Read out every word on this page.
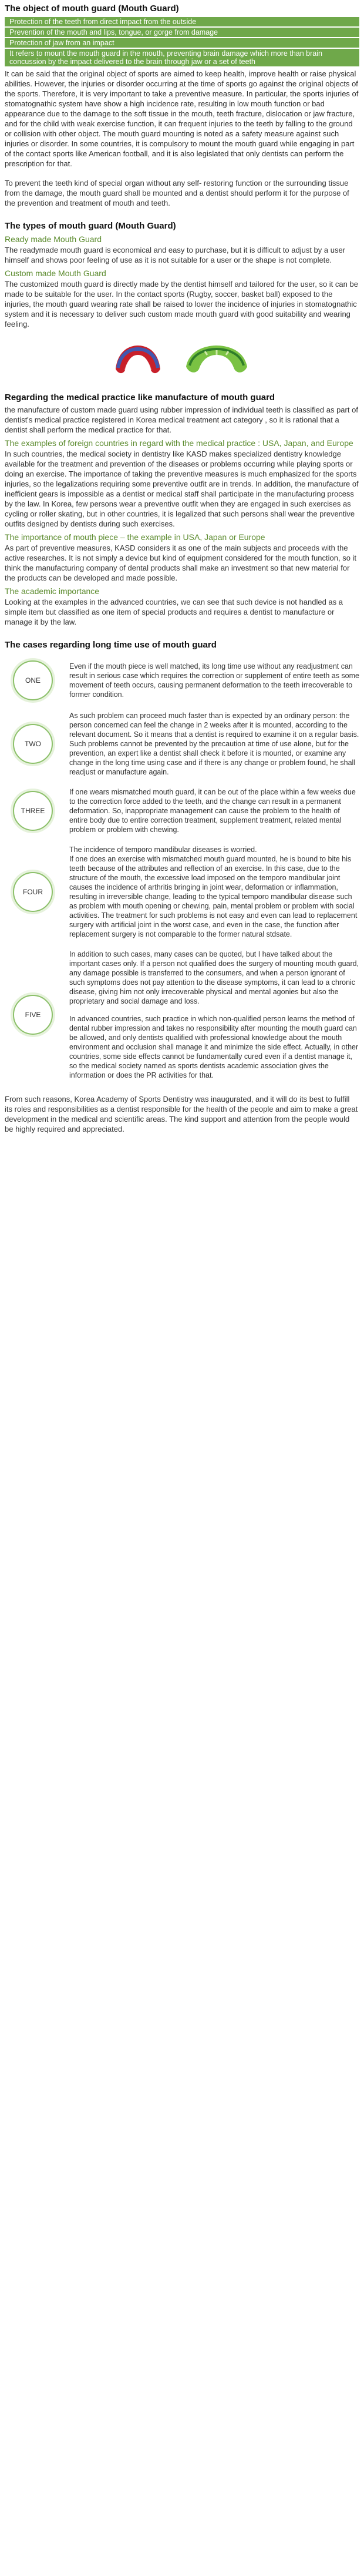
The object of mouth guard (Mouth Guard)
Protection of the teeth from direct impact from the outside
Prevention of the mouth and lips, tongue, or gorge from damage
Protection of jaw from an impact
It refers to mount the mouth guard in the mouth, preventing brain damage which more than brain concussion by the impact delivered to the brain through jaw or a set of teeth

It can be said that the original object of sports are aimed to keep health, improve health or raise physical abilities. However, the injuries or disorder occurring at the time of sports go against the original objects of the sports. Therefore, it is very important to take a preventive measure. In particular, the sports injuries of stomatognathic system have show a high incidence rate, resulting in low mouth function or bad appearance due to the damage to the soft tissue in the mouth, teeth fracture, dislocation or jaw fracture, and for the child with weak exercise function, it can frequent injuries to the teeth by falling to the ground or collision with other object. The mouth guard mounting is noted as a safety measure against such injuries or disorder. In some countries, it is compulsory to mount the mouth guard while engaging in part of the contact sports like American football, and it is also legislated that only dentists can perform the prescription for that.

To prevent the teeth kind of special organ without any self- restoring function or the surrounding tissue from the damage, the mouth guard shall be mounted and a dentist should perform it for the purpose of the prevention and treatment of mouth and teeth.

The types of mouth guard (Mouth Guard)
Ready made Mouth Guard

The readymade mouth guard is economical and easy to purchase, but it is difficult to adjust by a user himself and shows poor feeling of use as it is not suitable for a user or the shape is not complete.

Custom made Mouth Guard

The customized mouth guard is directly made by the dentist himself and tailored for the user, so it can be made to be suitable for the user. In the contact sports (Rugby, soccer, basket ball) exposed to the injuries, the mouth guard wearing rate shall be raised to lower the incidence of injuries in stomatognathic system and it is necessary to deliver such custom made mouth guard with good suitability and wearing feeling.

Regarding the medical practice like manufacture of mouth guard

the manufacture of custom made guard using rubber impression of individual teeth is classified as part of dentist's medical practice registered in Korea medical treatment act category , so it is rational that a dentist shall perform the medical practice for that.

The examples of foreign countries in regard with the medical practice : USA, Japan, and Europe

In such countries, the medical society in dentistry like KASD makes specialized dentistry knowledge available for the treatment and prevention of the diseases or problems occurring while playing sports or doing an exercise. The importance of taking the preventive measures is much emphasized for the sports injuries, so the legalizations requiring some preventive outfit are in trends. In addition, the manufacture of inefficient gears is impossible as a dentist or medical staff shall participate in the manufacturing process by the law. In Korea, few persons wear a preventive outfit when they are engaged in such exercises as cycling or roller skating, but in other countries, it is legalized that such persons shall wear the preventive outfits designed by dentists during such exercises.

The importance of mouth piece – the example in USA, Japan or Europe

As part of preventive measures, KASD considers it as one of the main subjects and proceeds with the active researches. It is not simply a device but kind of equipment considered for the mouth function, so it think the manufacturing company of dental products shall make an investment so that new material for the products can be developed and made possible.

The academic importance

Looking at the examples in the advanced countries, we can see that such device is not handled as a simple item but classified as one item of special products and requires a dentist to manufacture or manage it by the law.

The cases regarding long time use of mouth guard
ONE

Even if the mouth piece is well matched, its long time use without any readjustment can result in serious case which requires the correction or supplement of entire teeth as some movement of teeth occurs, causing permanent deformation to the teeth irrecoverable to former condition.

TWO

As such problem can proceed much faster than is expected by an ordinary person: the person concerned can feel the change in 2 weeks after it is mounted, according to the relevant document. So it means that a dentist is required to examine it on a regular basis. Such problems cannot be prevented by the precaution at time of use alone, but for the prevention, an expert like a dentist shall check it before it is mounted, or examine any change in the long time using case and if there is any change or problem found, he shall readjust or manufacture again.

THREE

If one wears mismatched mouth guard, it can be out of the place within a few weeks due to the correction force added to the teeth, and the change can result in a permanent deformation. So, inappropriate management can cause the problem to the health of entire body due to entire correction treatment, supplement treatment, related mental problem or problem with chewing.

FOUR

The incidence of temporo mandibular diseases is worried.
If one does an exercise with mismatched mouth guard mounted, he is bound to bite his teeth because of the attributes and reflection of an exercise. In this case, due to the structure of the mouth, the excessive load imposed on the temporo mandibular joint causes the incidence of arthritis bringing in joint wear, deformation or inflammation, resulting in irreversible change, leading to the typical temporo mandibular disease such as problem with mouth opening or chewing, pain, mental problem or problem with social activities. The treatment for such problems is not easy and even can lead to replacement surgery with artificial joint in the worst case, and even in the case, the function after replacement surgery is not comparable to the former natural stdsate.

FIVE

In addition to such cases, many cases can be quoted, but I have talked about the important cases only. If a person not qualified does the surgery of mounting mouth guard, any damage possible is transferred to the consumers, and when a person ignorant of such symptoms does not pay attention to the disease symptoms, it can lead to a chronic disease, giving him not only irrecoverable physical and mental agonies but also the proprietary and social damage and loss.

In advanced countries, such practice in which non-qualified person learns the method of dental rubber impression and takes no responsibility after mounting the mouth guard can be allowed, and only dentists qualified with professional knowledge about the mouth environment and occlusion shall manage it and minimize the side effect. Actually, in other countries, some side effects cannot be fundamentally cured even if a dentist manage it, so the medical society named as sports dentists academic association gives the information or does the PR activities for that.

From such reasons, Korea Academy of Sports Dentistry was inaugurated, and it will do its best to fulfill its roles and responsibilities as a dentist responsible for the health of the people and aim to make a great development in the medical and scientific areas. The kind support and attention from the people would be highly required and appreciated.
